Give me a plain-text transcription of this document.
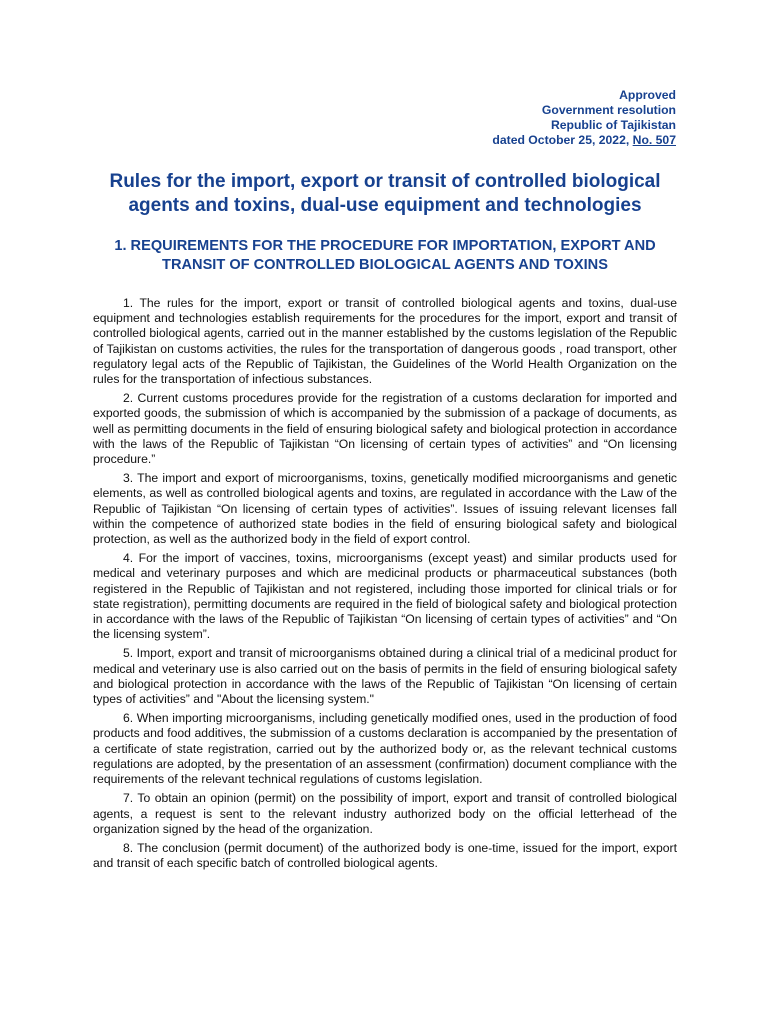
Approved
Government resolution
Republic of Tajikistan
dated October 25, 2022, No. 507
Rules for the import, export or transit of controlled biological agents and toxins, dual-use equipment and technologies
1. REQUIREMENTS FOR THE PROCEDURE FOR IMPORTATION, EXPORT AND TRANSIT OF CONTROLLED BIOLOGICAL AGENTS AND TOXINS

1. The rules for the import, export or transit of controlled biological agents and toxins, dual-use equipment and technologies establish requirements for the procedures for the import, export and transit of controlled biological agents, carried out in the manner established by the customs legislation of the Republic of Tajikistan on customs activities, the rules for the transportation of dangerous goods , road transport, other regulatory legal acts of the Republic of Tajikistan, the Guidelines of the World Health Organization on the rules for the transportation of infectious substances.

2. Current customs procedures provide for the registration of a customs declaration for imported and exported goods, the submission of which is accompanied by the submission of a package of documents, as well as permitting documents in the field of ensuring biological safety and biological protection in accordance with the laws of the Republic of Tajikistan “On licensing of certain types of activities” and “On licensing procedure.”

3. The import and export of microorganisms, toxins, genetically modified microorganisms and genetic elements, as well as controlled biological agents and toxins, are regulated in accordance with the Law of the Republic of Tajikistan “On licensing of certain types of activities”. Issues of issuing relevant licenses fall within the competence of authorized state bodies in the field of ensuring biological safety and biological protection, as well as the authorized body in the field of export control.

4. For the import of vaccines, toxins, microorganisms (except yeast) and similar products used for medical and veterinary purposes and which are medicinal products or pharmaceutical substances (both registered in the Republic of Tajikistan and not registered, including those imported for clinical trials or for state registration), permitting documents are required in the field of biological safety and biological protection in accordance with the laws of the Republic of Tajikistan “On licensing of certain types of activities” and “On the licensing system”.

5. Import, export and transit of microorganisms obtained during a clinical trial of a medicinal product for medical and veterinary use is also carried out on the basis of permits in the field of ensuring biological safety and biological protection in accordance with the laws of the Republic of Tajikistan “On licensing of certain types of activities” and "About the licensing system."

6. When importing microorganisms, including genetically modified ones, used in the production of food products and food additives, the submission of a customs declaration is accompanied by the presentation of a certificate of state registration, carried out by the authorized body or, as the relevant technical customs regulations are adopted, by the presentation of an assessment (confirmation) document compliance with the requirements of the relevant technical regulations of customs legislation.

7. To obtain an opinion (permit) on the possibility of import, export and transit of controlled biological agents, a request is sent to the relevant industry authorized body on the official letterhead of the organization signed by the head of the organization.

8. The conclusion (permit document) of the authorized body is one-time, issued for the import, export and transit of each specific batch of controlled biological agents.
